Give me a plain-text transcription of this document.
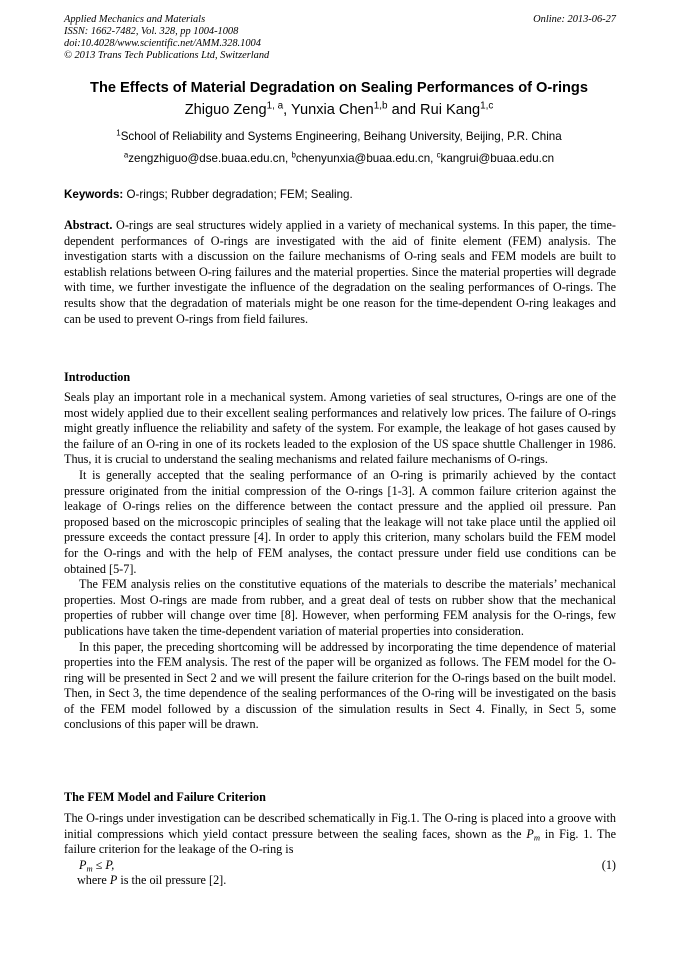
Applied Mechanics and Materials
ISSN: 1662-7482, Vol. 328, pp 1004-1008
doi:10.4028/www.scientific.net/AMM.328.1004
© 2013 Trans Tech Publications Ltd, Switzerland
Online: 2013-06-27
The Effects of Material Degradation on Sealing Performances of O-rings
Zhiguo Zeng$^{1, a}$, Yunxia Chen$^{1,b}$ and Rui Kang$^{1,c}$
$^1$School of Reliability and Systems Engineering, Beihang University, Beijing, P.R. China
$^a$zengzhiguo@dse.buaa.edu.cn, $^b$chenyunxia@buaa.edu.cn, $^c$kangrui@buaa.edu.cn
Keywords: O-rings; Rubber degradation; FEM; Sealing.

Abstract. O-rings are seal structures widely applied in a variety of mechanical systems. In this paper, the time-dependent performances of O-rings are investigated with the aid of finite element (FEM) analysis. The investigation starts with a discussion on the failure mechanisms of O-ring seals and FEM models are built to establish relations between O-ring failures and the material properties. Since the material properties will degrade with time, we further investigate the influence of the degradation on the sealing performances of O-rings. The results show that the degradation of materials might be one reason for the time-dependent O-ring leakages and can be used to prevent O-rings from field failures.

Introduction

Seals play an important role in a mechanical system. Among varieties of seal structures, O-rings are one of the most widely applied due to their excellent sealing performances and relatively low prices. The failure of O-rings might greatly influence the reliability and safety of the system. For example, the leakage of hot gases caused by the failure of an O-ring in one of its rockets leaded to the explosion of the US space shuttle Challenger in 1986. Thus, it is crucial to understand the sealing mechanisms and related failure mechanisms of O-rings.

It is generally accepted that the sealing performance of an O-ring is primarily achieved by the contact pressure originated from the initial compression of the O-rings [1-3]. A common failure criterion against the leakage of O-rings relies on the difference between the contact pressure and the applied oil pressure. Pan proposed based on the microscopic principles of sealing that the leakage will not take place until the applied oil pressure exceeds the contact pressure [4]. In order to apply this criterion, many scholars build the FEM model for the O-rings and with the help of FEM analyses, the contact pressure under field use conditions can be obtained [5-7].

The FEM analysis relies on the constitutive equations of the materials to describe the materials’ mechanical properties. Most O-rings are made from rubber, and a great deal of tests on rubber show that the mechanical properties of rubber will change over time [8]. However, when performing FEM analysis for the O-rings, few publications have taken the time-dependent variation of material properties into consideration.

In this paper, the preceding shortcoming will be addressed by incorporating the time dependence of material properties into the FEM analysis. The rest of the paper will be organized as follows. The FEM model for the O-ring will be presented in Sect 2 and we will present the failure criterion for the O-rings based on the built model. Then, in Sect 3, the time dependence of the sealing performances of the O-ring will be investigated on the basis of the FEM model followed by a discussion of the simulation results in Sect 4. Finally, in Sect 5, some conclusions of this paper will be drawn.

The FEM Model and Failure Criterion

The O-rings under investigation can be described schematically in Fig.1. The O-ring is placed into a groove with initial compressions which yield contact pressure between the sealing faces, shown as the $P_m$ in Fig. 1. The failure criterion for the leakage of the O-ring is

$P_m \le P$,	(1)

where P is the oil pressure [2].
